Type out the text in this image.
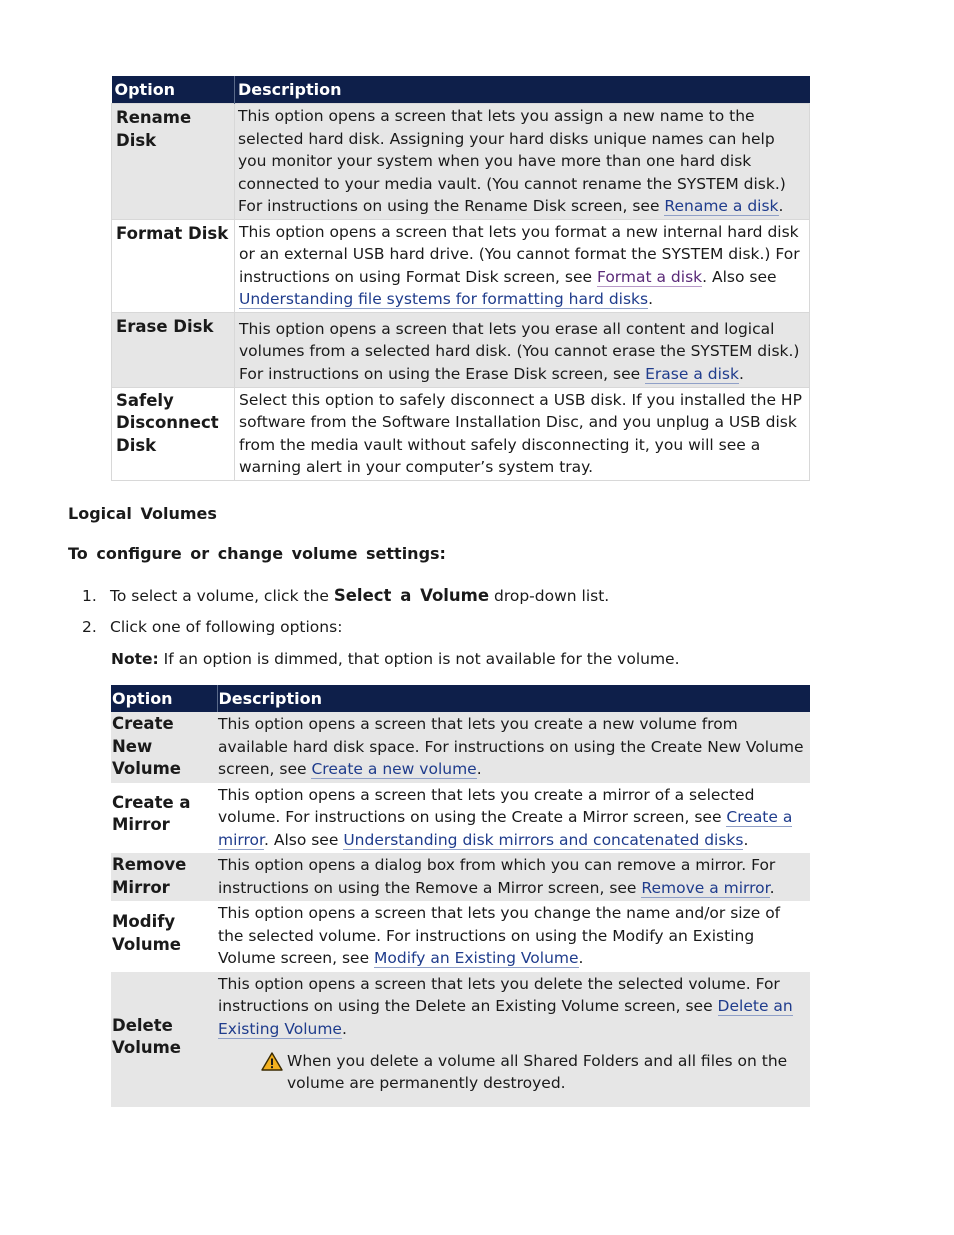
Option	Description
Rename Disk	This option opens a screen that lets you assign a new name to the selected hard disk. Assigning your hard disks unique names can help you monitor your system when you have more than one hard disk connected to your media vault. (You cannot rename the SYSTEM disk.) For instructions on using the Rename Disk screen, see Rename a disk.
Format Disk	This option opens a screen that lets you format a new internal hard disk or an external USB hard drive. (You cannot format the SYSTEM disk.) For instructions on using Format Disk screen, see Format a disk. Also see Understanding file systems for formatting hard disks.
Erase Disk	This option opens a screen that lets you erase all content and logical volumes from a selected hard disk. (You cannot erase the SYSTEM disk.) For instructions on using the Erase Disk screen, see Erase a disk.
Safely Disconnect Disk	Select this option to safely disconnect a USB disk. If you installed the HP software from the Software Installation Disc, and you unplug a USB disk from the media vault without safely disconnecting it, you will see a warning alert in your computer’s system tray.
Logical Volumes
To configure or change volume settings:
1. To select a volume, click the Select a Volume drop-down list.
2. Click one of following options:
Note: If an option is dimmed, that option is not available for the volume.
Option	Description
Create New Volume	This option opens a screen that lets you create a new volume from available hard disk space. For instructions on using the Create New Volume screen, see Create a new volume.
Create a Mirror	This option opens a screen that lets you create a mirror of a selected volume. For instructions on using the Create a Mirror screen, see Create a mirror. Also see Understanding disk mirrors and concatenated disks.
Remove Mirror	This option opens a dialog box from which you can remove a mirror. For instructions on using the Remove a Mirror screen, see Remove a mirror.
Modify Volume	This option opens a screen that lets you change the name and/or size of the selected volume. For instructions on using the Modify an Existing Volume screen, see Modify an Existing Volume.
Delete Volume	This option opens a screen that lets you delete the selected volume. For instructions on using the Delete an Existing Volume screen, see Delete an Existing Volume.
When you delete a volume all Shared Folders and all files on the volume are permanently destroyed.
